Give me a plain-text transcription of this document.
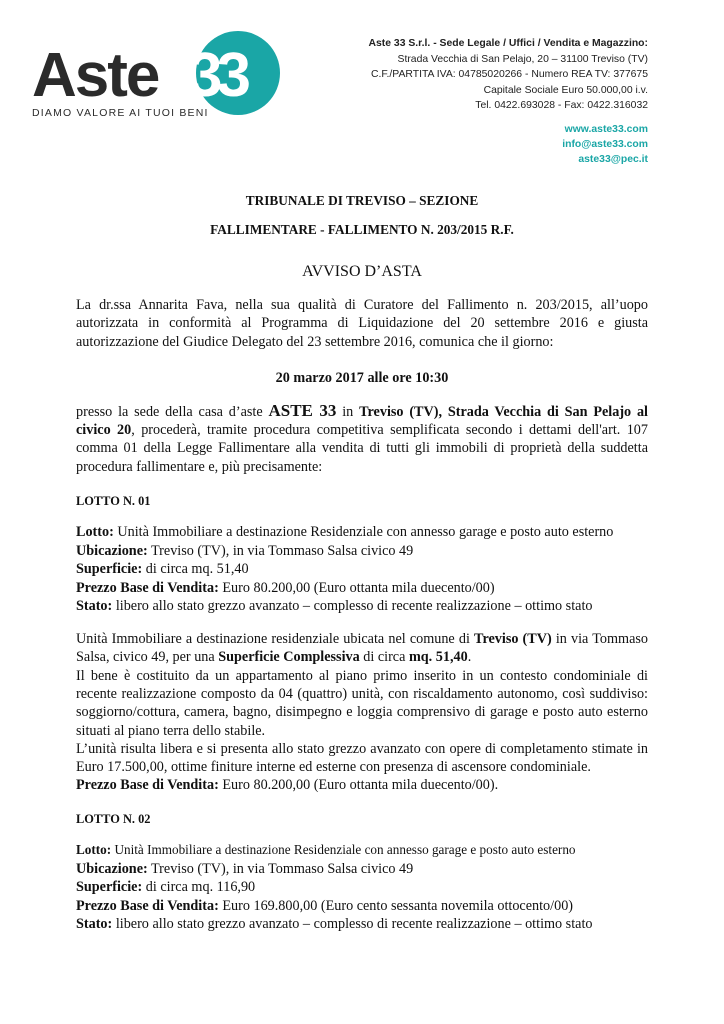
Aste 33
DIAMO VALORE AI TUOI BENI
Aste 33 S.r.l. - Sede Legale / Uffici / Vendita e Magazzino:
Strada Vecchia di San Pelajo, 20 – 31100 Treviso (TV)
C.F./PARTITA IVA: 04785020266 - Numero REA TV: 377675
Capitale Sociale Euro 50.000,00 i.v.
Tel. 0422.693028 - Fax: 0422.316032
www.aste33.com
info@aste33.com
aste33@pec.it
TRIBUNALE DI TREVISO – SEZIONE
FALLIMENTARE - FALLIMENTO N. 203/2015 R.F.
AVVISO D’ASTA

La dr.ssa Annarita Fava, nella sua qualità di Curatore del Fallimento n. 203/2015, all’uopo autorizzata in conformità al Programma di Liquidazione del 20 settembre 2016 e giusta autorizzazione del Giudice Delegato del 23 settembre 2016, comunica che il giorno:

20 marzo 2017 alle ore 10:30

presso la sede della casa d’aste ASTE 33 in Treviso (TV), Strada Vecchia di San Pelajo al civico 20, procederà, tramite procedura competitiva semplificata secondo i dettami dell'art. 107 comma 01 della Legge Fallimentare alla vendita di tutti gli immobili di proprietà della suddetta procedura fallimentare e, più precisamente:

LOTTO N. 01
Lotto: Unità Immobiliare a destinazione Residenziale con annesso garage e posto auto esterno
Ubicazione: Treviso (TV), in via Tommaso Salsa civico 49
Superficie: di circa mq. 51,40
Prezzo Base di Vendita: Euro 80.200,00 (Euro ottanta mila duecento/00)
Stato: libero allo stato grezzo avanzato – complesso di recente realizzazione – ottimo stato

Unità Immobiliare a destinazione residenziale ubicata nel comune di Treviso (TV) in via Tommaso Salsa, civico 49, per una Superficie Complessiva di circa mq. 51,40.

Il bene è costituito da un appartamento al piano primo inserito in un contesto condominiale di recente realizzazione composto da 04 (quattro) unità, con riscaldamento autonomo, così suddiviso: soggiorno/cottura, camera, bagno, disimpegno e loggia comprensivo di garage e posto auto esterno situati al piano terra dello stabile.

L’unità risulta libera e si presenta allo stato grezzo avanzato con opere di completamento stimate in Euro 17.500,00, ottime finiture interne ed esterne con presenza di ascensore condominiale.

Prezzo Base di Vendita: Euro 80.200,00 (Euro ottanta mila duecento/00).
LOTTO N. 02
Lotto: Unità Immobiliare a destinazione Residenziale con annesso garage e posto auto esterno
Ubicazione: Treviso (TV), in via Tommaso Salsa civico 49
Superficie: di circa mq. 116,90
Prezzo Base di Vendita: Euro 169.800,00 (Euro cento sessanta novemila ottocento/00)
Stato: libero allo stato grezzo avanzato – complesso di recente realizzazione – ottimo stato
